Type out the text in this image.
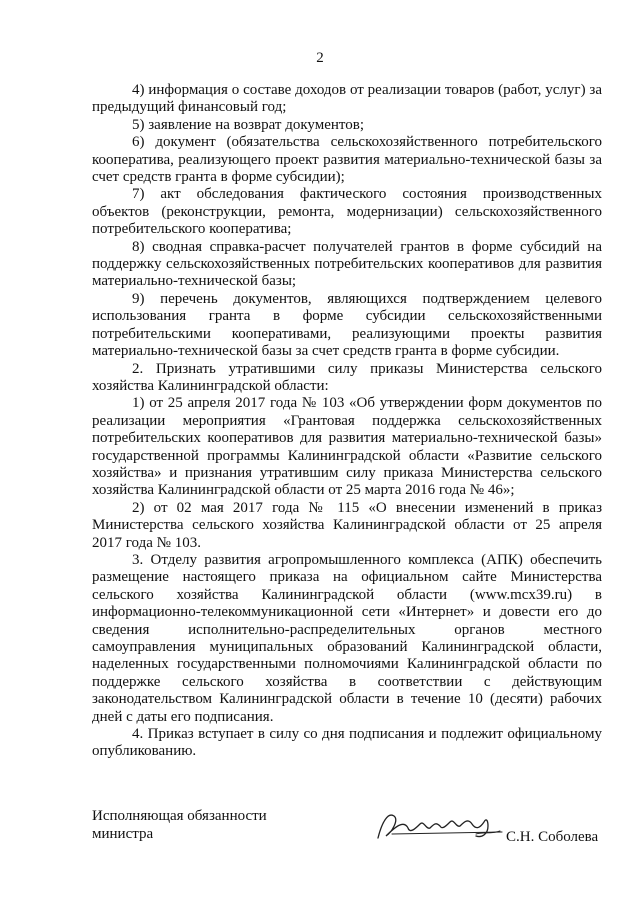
2

4) информация о составе доходов от реализации товаров (работ, услуг) за предыдущий финансовый год;

5) заявление на возврат документов;

6) документ (обязательства сельскохозяйственного потребительского кооператива, реализующего проект развития материально-технической базы за счет средств гранта в форме субсидии);

7) акт обследования фактического состояния производственных объектов (реконструкции, ремонта, модернизации) сельскохозяйственного потребительского кооператива;

8) сводная справка-расчет получателей грантов в форме субсидий на поддержку сельскохозяйственных потребительских кооперативов для развития материально-технической базы;

9) перечень документов, являющихся подтверждением целевого использования гранта в форме субсидии сельскохозяйственными потребительскими кооперативами, реализующими проекты развития материально-технической базы за счет средств гранта в форме субсидии.

2. Признать утратившими силу приказы Министерства сельского хозяйства Калининградской области:

1) от 25 апреля 2017 года № 103 «Об утверждении форм документов по реализации мероприятия «Грантовая поддержка сельскохозяйственных потребительских кооперативов для развития материально-технической базы» государственной программы Калининградской области «Развитие сельского хозяйства» и признания утратившим силу приказа Министерства сельского хозяйства Калининградской области от 25 марта 2016 года № 46»;

2) от 02 мая 2017 года № 115 «О внесении изменений в приказ Министерства сельского хозяйства Калининградской области от 25 апреля 2017 года № 103.

3. Отделу развития агропромышленного комплекса (АПК) обеспечить размещение настоящего приказа на официальном сайте Министерства сельского хозяйства Калининградской области (www.mcx39.ru) в информационно-телекоммуникационной сети «Интернет» и довести его до сведения исполнительно-распределительных органов местного самоуправления муниципальных образований Калининградской области, наделенных государственными полномочиями Калининградской области по поддержке сельского хозяйства в соответствии с действующим законодательством Калининградской области в течение 10 (десяти) рабочих дней с даты его подписания.

4. Приказ вступает в силу со дня подписания и подлежит официальному опубликованию.

Исполняющая обязанности
министра	С.Н. Соболева
